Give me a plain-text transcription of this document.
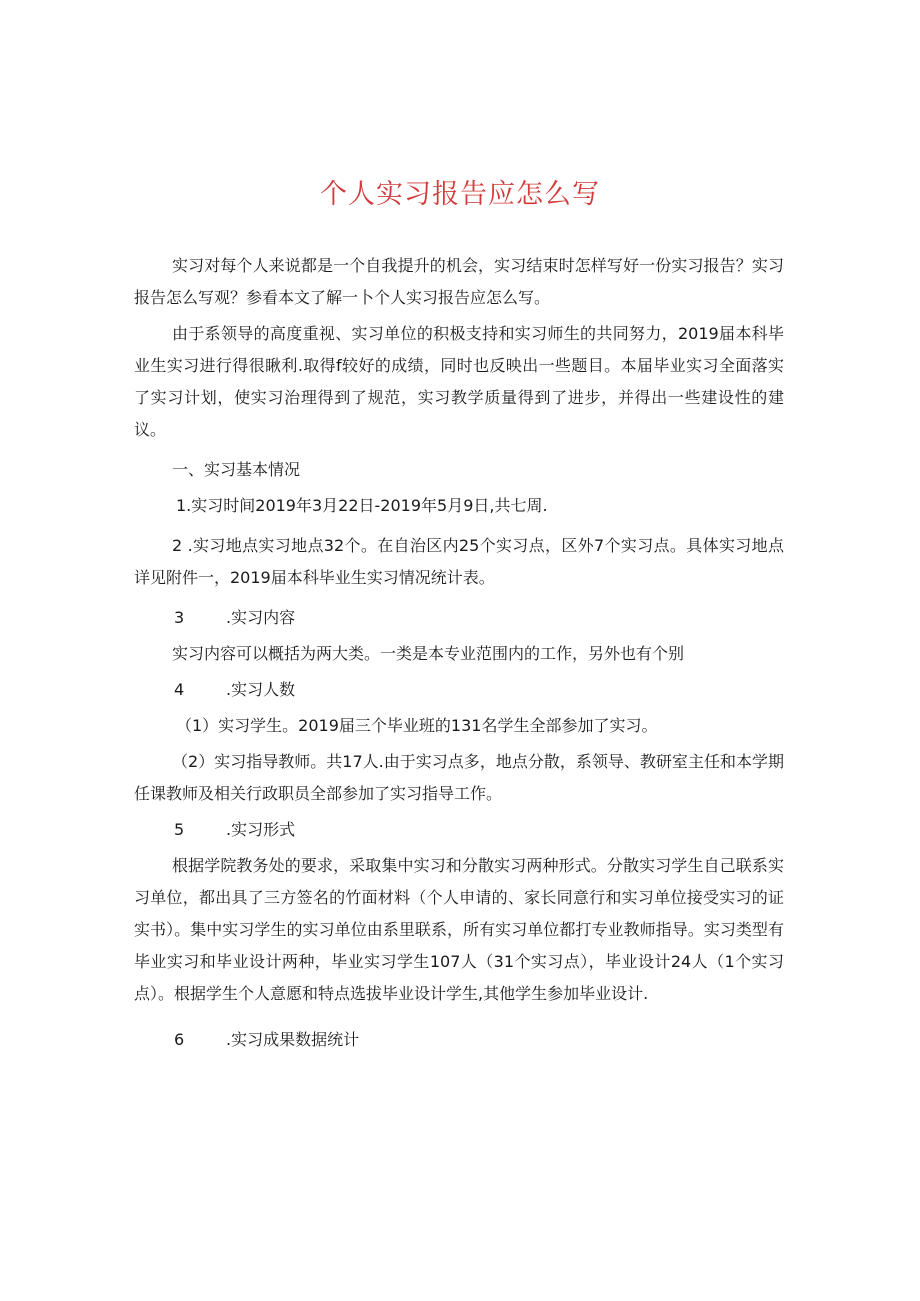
个人实习报告应怎么写

实习对每个人来说都是一个自我提升的机会，实习结束时怎样写好一份实习报告？实习报告怎么写观？参看本文了解一卜个人实习报告应怎么写。

由于系领导的高度重视、实习单位的积极支持和实习师生的共同努力，2019届本科毕业生实习进行得很瞅利.取得f较好的成绩，同时也反映出一些题目。本届毕业实习全面落实了实习计划，使实习治理得到了规范，实习教学质量得到了进步，并得出一些建设性的建议。

一、实习基本情况

1.实习时间2019年3月22日-2019年5月9日,共七周.

2 .实习地点实习地点32个。在自治区内25个实习点，区外7个实习点。具体实习地点详见附件一，2019届本科毕业生实习情况统计表。

3	.实习内容

实习内容可以概括为两大类。一类是本专业范围内的工作，另外也有个别

4	.实习人数

（1）实习学生。2019届三个毕业班的131名学生全部参加了实习。

（2）实习指导教师。共17人.由于实习点多，地点分散，系领导、教研室主任和本学期任课教师及相关行政职员全部参加了实习指导工作。

5	.实习形式

根据学院教务处的要求，采取集中实习和分散实习两种形式。分散实习学生自己联系实习单位，都出具了三方签名的竹面材料（个人申请的、家长同意行和实习单位接受实习的证实书）。集中实习学生的实习单位由系里联系，所有实习单位都打专业教师指导。实习类型有毕业实习和毕业设计两种，毕业实习学生107人（31个实习点），毕业设计24人（1个实习点）。根据学生个人意愿和特点选拔毕业设计学生,其他学生参加毕业设计.

6	.实习成果数据统计
